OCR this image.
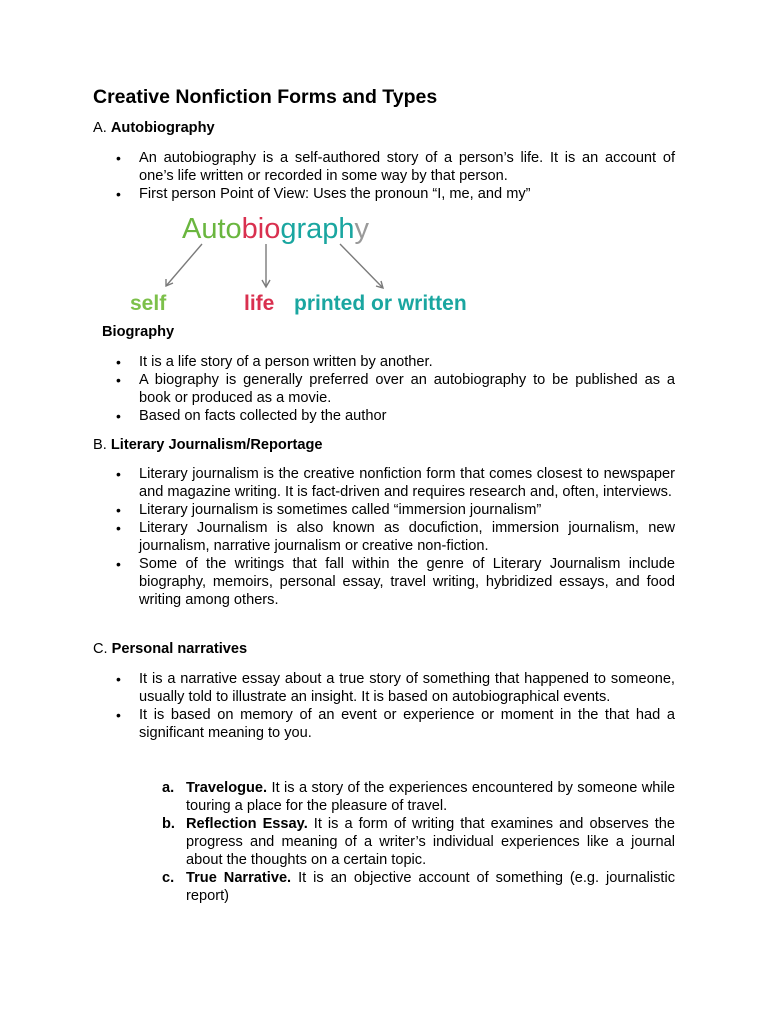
Creative Nonfiction Forms and Types
A. Autobiography
• An autobiography is a self-authored story of a person’s life. It is an account of one’s life written or recorded in some way by that person.
• First person Point of View: Uses the pronoun “I, me, and my”
Autobiography
self	life printed or written
Biography
• It is a life story of a person written by another.
• A biography is generally preferred over an autobiography to be published as a book or produced as a movie.
• Based on facts collected by the author
B. Literary Journalism/Reportage
• Literary journalism is the creative nonfiction form that comes closest to newspaper and magazine writing. It is fact-driven and requires research and, often, interviews.
• Literary journalism is sometimes called “immersion journalism”
• Literary Journalism is also known as docufiction, immersion journalism, new journalism, narrative journalism or creative non-fiction.
• Some of the writings that fall within the genre of Literary Journalism include biography, memoirs, personal essay, travel writing, hybridized essays, and food writing among others.
C. Personal narratives
• It is a narrative essay about a true story of something that happened to someone, usually told to illustrate an insight. It is based on autobiographical events.
• It is based on memory of an event or experience or moment in the that had a significant meaning to you.
a. Travelogue. It is a story of the experiences encountered by someone while touring a place for the pleasure of travel.
b. Reflection Essay. It is a form of writing that examines and observes the progress and meaning of a writer’s individual experiences like a journal about the thoughts on a certain topic.
c. True Narrative. It is an objective account of something (e.g. journalistic report)
